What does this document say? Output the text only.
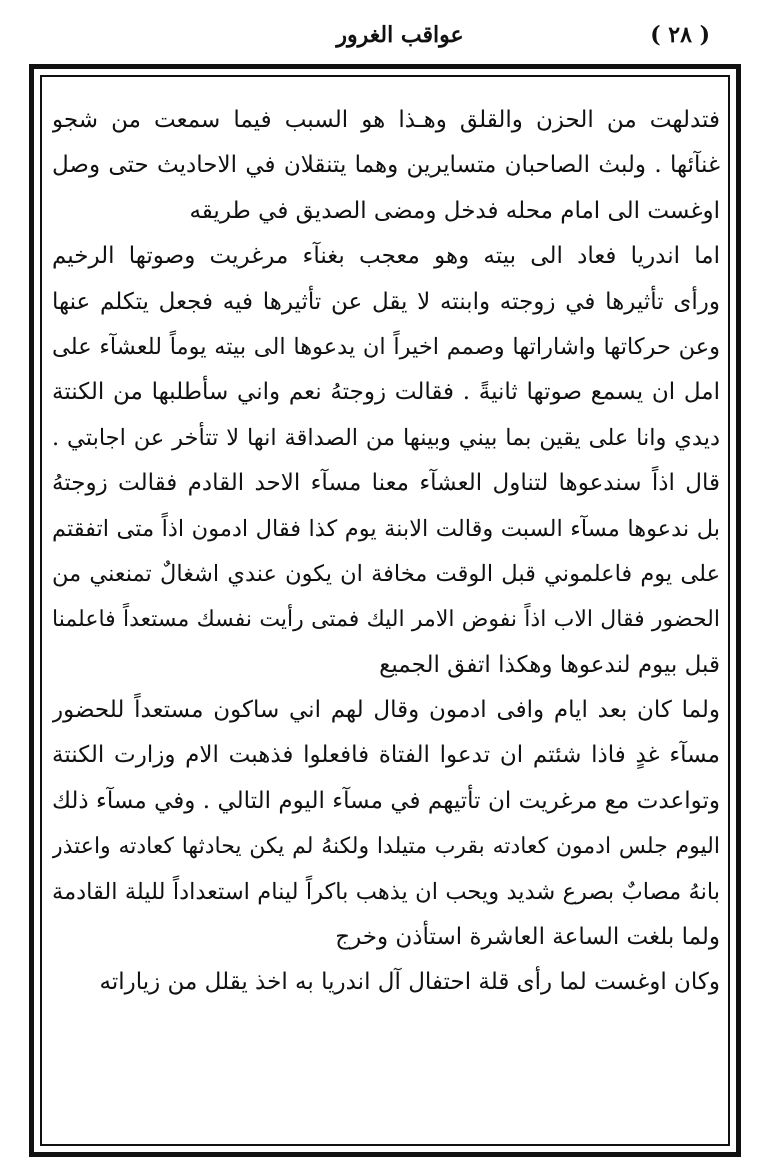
( ٢٨ )
عواقب الغرور
فتدلهت من الحزن والقلق وهـذا هو السبب فيما سمعت من شجو
غنآئها . ولبث الصاحبان متسايرين وهما يتنقلان في الاحاديث حتى وصل
اوغست الى امام محله فدخل ومضى الصديق في طريقه
اما اندريا فعاد الى بيته وهو معجب بغنآء مرغريت وصوتها الرخيم
ورأى تأثيرها في زوجته وابنته لا يقل عن تأثيرها فيه فجعل يتكلم عنها
وعن حركاتها واشاراتها وصمم اخيراً ان يدعوها الى بيته يوماً للعشآء على
امل ان يسمع صوتها ثانيةً . فقالت زوجتهُ نعم واني سأطلبها من الكنتة
ديدي وانا على يقين بما بيني وبينها من الصداقة انها لا تتأخر عن اجابتي .
قال اذاً سندعوها لتناول العشآء معنا مسآء الاحد القادم فقالت زوجتهُ
بل ندعوها مسآء السبت وقالت الابنة يوم كذا فقال ادمون اذاً متى اتفقتم
على يوم فاعلموني قبل الوقت مخافة ان يكون عندي اشغالٌ تمنعني من
الحضور فقال الاب اذاً نفوض الامر اليك فمتى رأيت نفسك مستعداً فاعلمنا
قبل بيوم لندعوها وهكذا اتفق الجميع
ولما كان بعد ايام وافى ادمون وقال لهم اني ساكون مستعداً للحضور
مسآء غدٍ فاذا شئتم ان تدعوا الفتاة فافعلوا فذهبت الام وزارت الكنتة
وتواعدت مع مرغريت ان تأتيهم في مسآء اليوم التالي . وفي مسآء ذلك
اليوم جلس ادمون كعادته بقرب متيلدا ولكنهُ لم يكن يحادثها كعادته واعتذر
بانهُ مصابٌ بصرع شديد ويحب ان يذهب باكراً لينام استعداداً لليلة القادمة
ولما بلغت الساعة العاشرة استأذن وخرج
وكان اوغست لما رأى قلة احتفال آل اندريا به اخذ يقلل من زياراته
